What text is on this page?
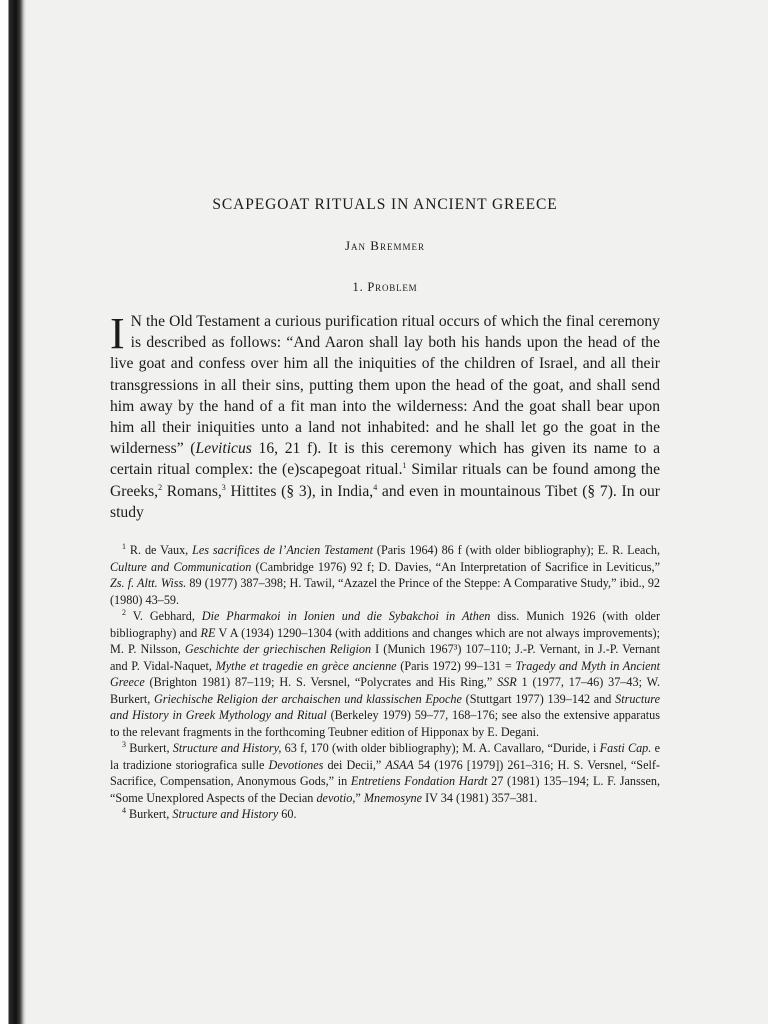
SCAPEGOAT RITUALS IN ANCIENT GREECE
Jan Bremmer
1. Problem
I N the Old Testament a curious purification ritual occurs of which the final ceremony is described as follows: “And Aaron shall lay both his hands upon the head of the live goat and confess over him all the iniquities of the children of Israel, and all their transgressions in all their sins, putting them upon the head of the goat, and shall send him away by the hand of a fit man into the wilderness: And the goat shall bear upon him all their iniquities unto a land not inhabited: and he shall let go the goat in the wilderness” (Leviticus 16, 21 f). It is this ceremony which has given its name to a certain ritual complex: the (e)scapegoat ritual.$^1$ Similar rituals can be found among the Greeks,$^2$ Romans,$^3$ Hittites (§ 3), in India,$^4$ and even in mountainous Tibet (§ 7). In our study

$^1$ R. de Vaux, Les sacrifices de l’Ancien Testament (Paris 1964) 86 f (with older bibliography); E. R. Leach, Culture and Communication (Cambridge 1976) 92 f; D. Davies, “An Interpretation of Sacrifice in Leviticus,” Zs. f. Altt. Wiss. 89 (1977) 387–398; H. Tawil, “Azazel the Prince of the Steppe: A Comparative Study,” ibid., 92 (1980) 43–59.

$^2$ V. Gebhard, Die Pharmakoi in Ionien und die Sybakchoi in Athen diss. Munich 1926 (with older bibliography) and RE V A (1934) 1290–1304 (with additions and changes which are not always improvements); M. P. Nilsson, Geschichte der griechischen Religion I (Munich 1967³) 107–110; J.-P. Vernant, in J.-P. Vernant and P. Vidal-Naquet, Mythe et tragedie en grèce ancienne (Paris 1972) 99–131 = Tragedy and Myth in Ancient Greece (Brighton 1981) 87–119; H. S. Versnel, “Polycrates and His Ring,” SSR 1 (1977, 17–46) 37–43; W. Burkert, Griechische Religion der archaischen und klassischen Epoche (Stuttgart 1977) 139–142 and Structure and History in Greek Mythology and Ritual (Berkeley 1979) 59–77, 168–176; see also the extensive apparatus to the relevant fragments in the forthcoming Teubner edition of Hipponax by E. Degani.

$^3$ Burkert, Structure and History, 63 f, 170 (with older bibliography); M. A. Cavallaro, “Duride, i Fasti Cap. e la tradizione storiografica sulle Devotiones dei Decii,” ASAA 54 (1976 [1979]) 261–316; H. S. Versnel, “Self-Sacrifice, Compensation, Anonymous Gods,” in Entretiens Fondation Hardt 27 (1981) 135–194; L. F. Janssen, “Some Unexplored Aspects of the Decian devotio,” Mnemosyne IV 34 (1981) 357–381.

$^4$ Burkert, Structure and History 60.
